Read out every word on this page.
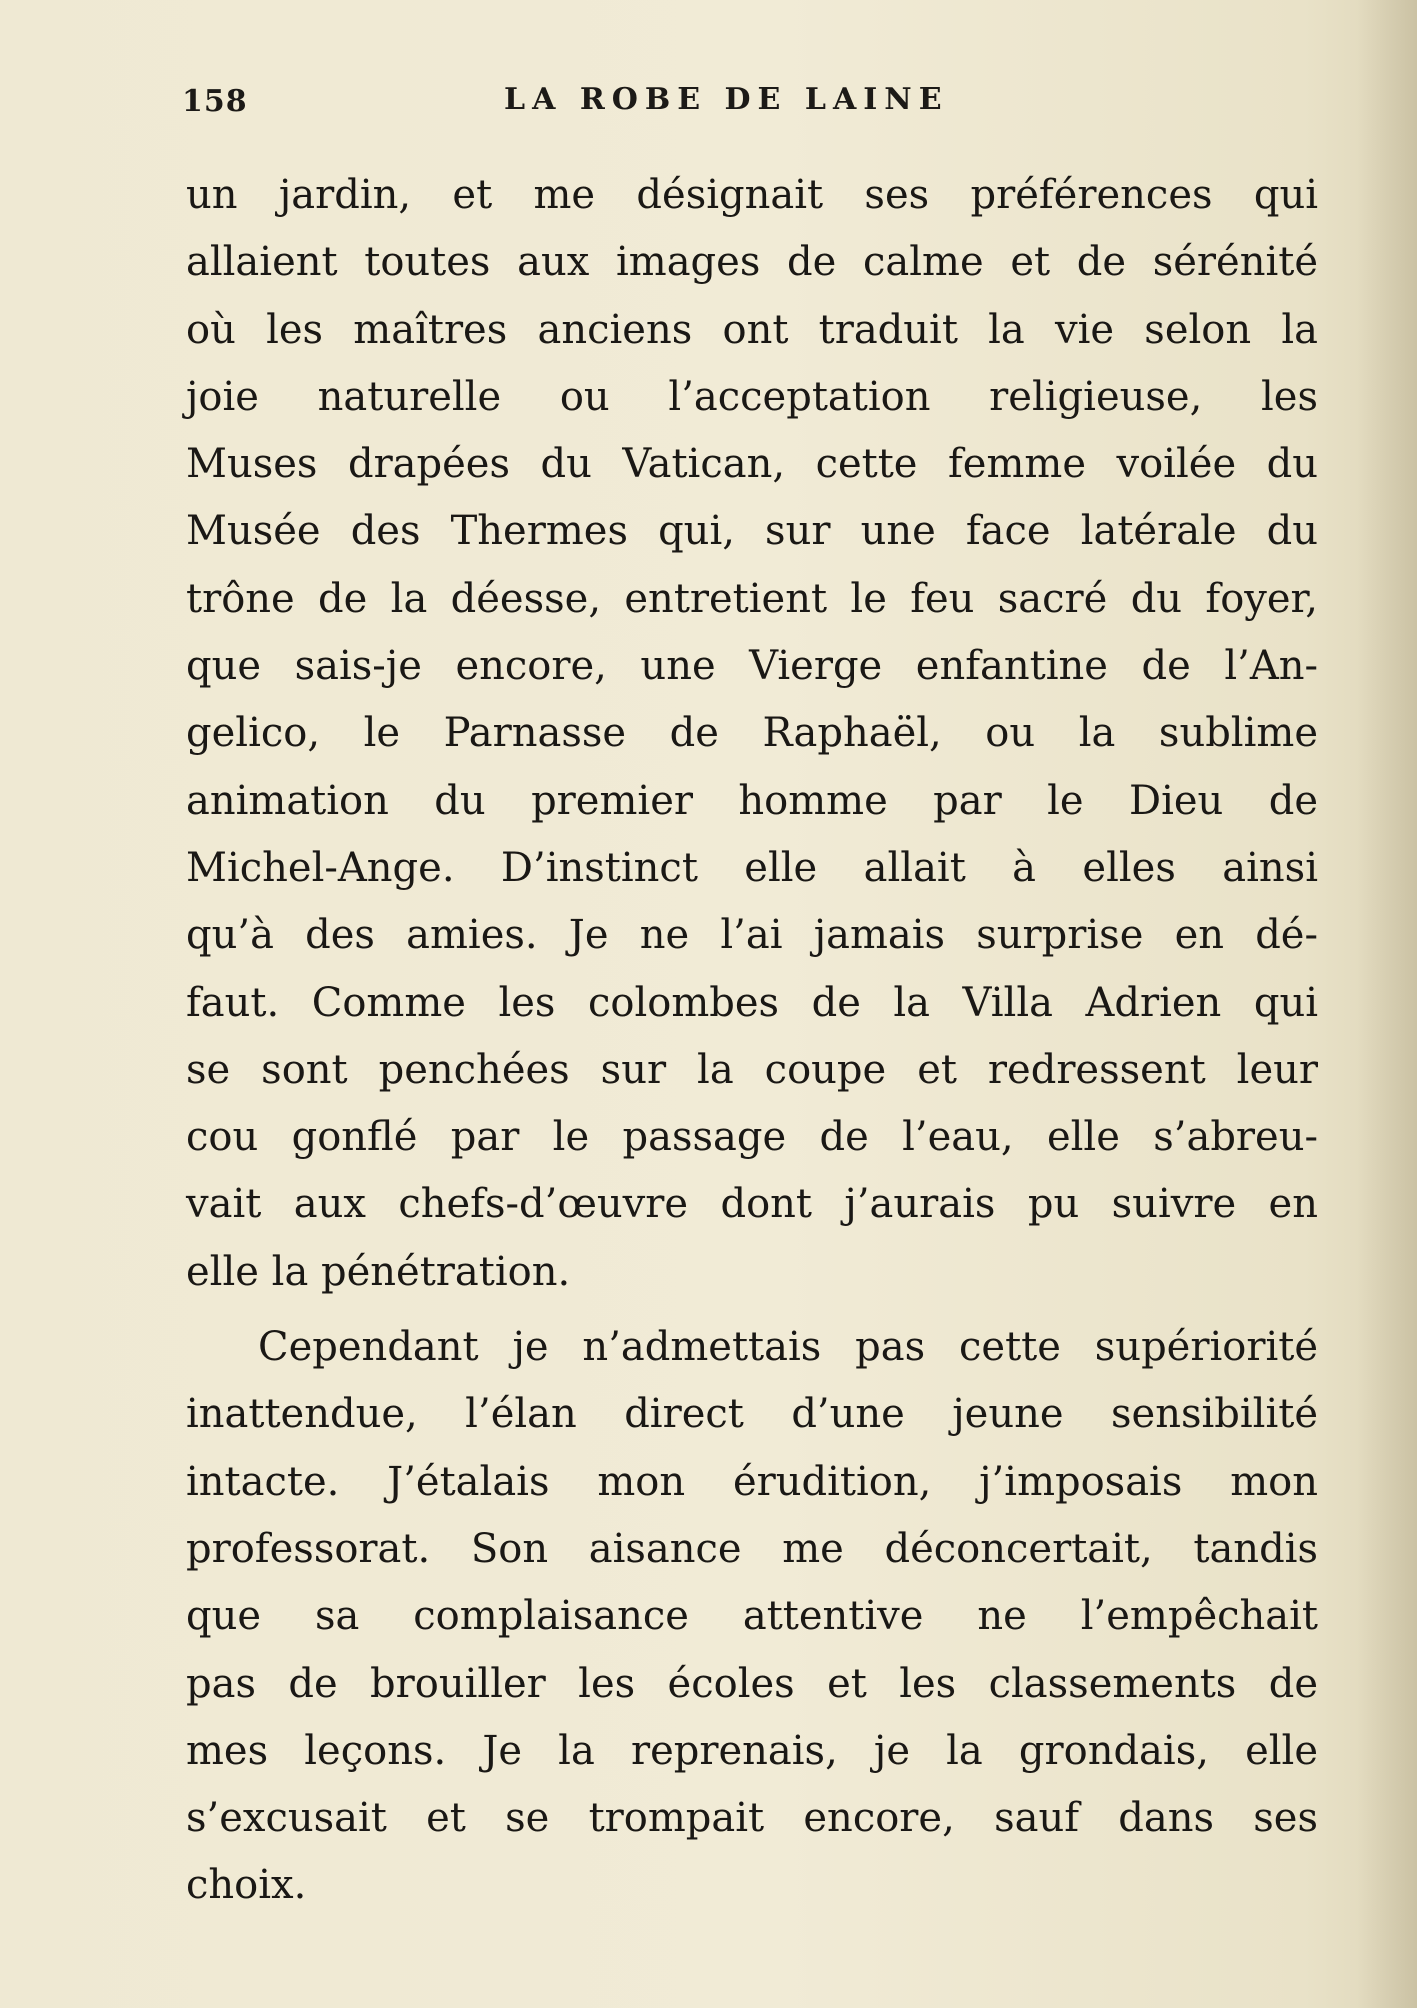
158	LA ROBE DE LAINE
un jardin, et me désignait ses préférences qui
allaient toutes aux images de calme et de sérénité
où les maîtres anciens ont traduit la vie selon la
joie naturelle ou l’acceptation religieuse, les
Muses drapées du Vatican, cette femme voilée du
Musée des Thermes qui, sur une face latérale du
trône de la déesse, entretient le feu sacré du foyer,
que sais-je encore, une Vierge enfantine de l’An-
gelico, le Parnasse de Raphaël, ou la sublime
animation du premier homme par le Dieu de
Michel-Ange. D’instinct elle allait à elles ainsi
qu’à des amies. Je ne l’ai jamais surprise en dé-
faut. Comme les colombes de la Villa Adrien qui
se sont penchées sur la coupe et redressent leur
cou gonflé par le passage de l’eau, elle s’abreu-
vait aux chefs-d’œuvre dont j’aurais pu suivre en
elle la pénétration.
Cependant je n’admettais pas cette supériorité
inattendue, l’élan direct d’une jeune sensibilité
intacte. J’étalais mon érudition, j’imposais mon
professorat. Son aisance me déconcertait, tandis
que sa complaisance attentive ne l’empêchait
pas de brouiller les écoles et les classements de
mes leçons. Je la reprenais, je la grondais, elle
s’excusait et se trompait encore, sauf dans ses
choix.
